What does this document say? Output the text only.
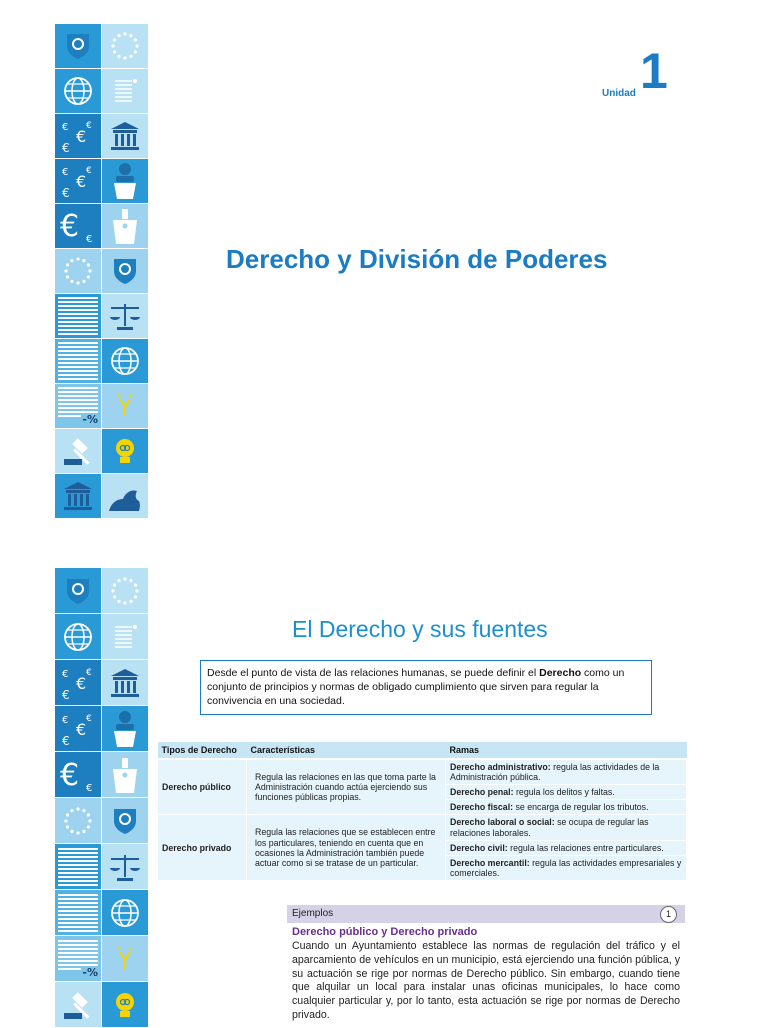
€ €
€
€
€ €
€
€
€ €
-%
Unidad 1
Derecho y División de Poderes
€ €
€
€
€ €
€
€
€ €
-%
El Derecho y sus fuentes
Desde el punto de vista de las relaciones humanas, se puede definir el Derecho como un conjunto de principios y normas de obligado cumplimiento que sirven para regular la convivencia en una sociedad.
Tipos de Derecho	Características	Ramas
Derecho público	Regula las relaciones en las que toma parte la Administración cuando actúa ejerciendo sus funciones públicas propias.	Derecho administrativo: regula las actividades de la Administración pública.
		Derecho penal: regula los delitos y faltas.
		Derecho fiscal: se encarga de regular los tributos.
Derecho privado	Regula las relaciones que se establecen entre los particulares, teniendo en cuenta que en ocasiones la Administración también puede actuar como si se tratase de un particular.	Derecho laboral o social: se ocupa de regular las relaciones laborales.
		Derecho civil: regula las relaciones entre particulares.
		Derecho mercantil: regula las actividades empresariales y comerciales.
Ejemplos	1
Derecho público y Derecho privado
Cuando un Ayuntamiento establece las normas de regulación del tráfico y el aparcamiento de vehículos en un municipio, está ejerciendo una función pública, y su actuación se rige por normas de Derecho público. Sin embargo, cuando tiene que alquilar un local para instalar unas oficinas municipales, lo hace como cualquier particular y, por lo tanto, esta actuación se rige por normas de Derecho privado.
